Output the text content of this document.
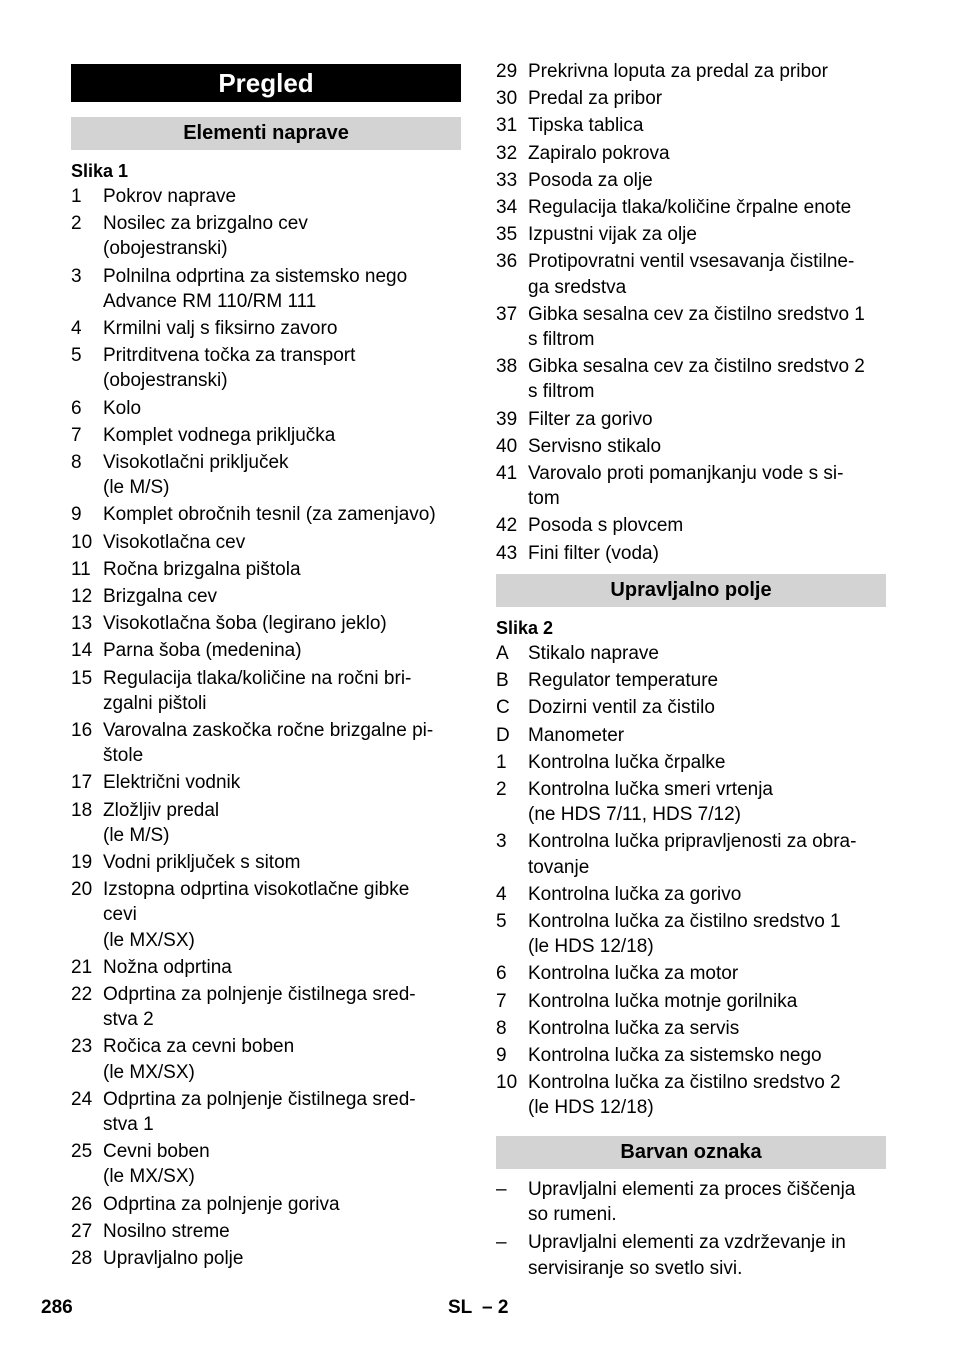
Pregled
Elementi naprave
Slika 1
1 Pokrov naprave
2 Nosilec za brizgalno cev
(obojestranski)
3 Polnilna odprtina za sistemsko nego
Advance RM 110/RM 111
4 Krmilni valj s fiksirno zavoro
5 Pritrditvena točka za transport
(obojestranski)
6 Kolo
7 Komplet vodnega priključka
8 Visokotlačni priključek
(le M/S)
9 Komplet obročnih tesnil (za zamenjavo)
10 Visokotlačna cev
11 Ročna brizgalna pištola
12 Brizgalna cev
13 Visokotlačna šoba (legirano jeklo)
14 Parna šoba (medenina)
15 Regulacija tlaka/količine na ročni bri-
zgalni pištoli
16 Varovalna zaskočka ročne brizgalne pi-
štole
17 Električni vodnik
18 Zložljiv predal
(le M/S)
19 Vodni priključek s sitom
20 Izstopna odprtina visokotlačne gibke
cevi
(le MX/SX)
21 Nožna odprtina
22 Odprtina za polnjenje čistilnega sred-
stva 2
23 Ročica za cevni boben
(le MX/SX)
24 Odprtina za polnjenje čistilnega sred-
stva 1
25 Cevni boben
(le MX/SX)
26 Odprtina za polnjenje goriva
27 Nosilno streme
28 Upravljalno polje
29 Prekrivna loputa za predal za pribor
30 Predal za pribor
31 Tipska tablica
32 Zapiralo pokrova
33 Posoda za olje
34 Regulacija tlaka/količine črpalne enote
35 Izpustni vijak za olje
36 Protipovratni ventil vsesavanja čistilne-
ga sredstva
37 Gibka sesalna cev za čistilno sredstvo 1
s filtrom
38 Gibka sesalna cev za čistilno sredstvo 2
s filtrom
39 Filter za gorivo
40 Servisno stikalo
41 Varovalo proti pomanjkanju vode s si-
tom
42 Posoda s plovcem
43 Fini filter (voda)
Upravljalno polje
Slika 2
A Stikalo naprave
B Regulator temperature
C Dozirni ventil za čistilo
D Manometer
1 Kontrolna lučka črpalke
2 Kontrolna lučka smeri vrtenja
(ne HDS 7/11, HDS 7/12)
3 Kontrolna lučka pripravljenosti za obra-
tovanje
4 Kontrolna lučka za gorivo
5 Kontrolna lučka za čistilno sredstvo 1
(le HDS 12/18)
6 Kontrolna lučka za motor
7 Kontrolna lučka motnje gorilnika
8 Kontrolna lučka za servis
9 Kontrolna lučka za sistemsko nego
10 Kontrolna lučka za čistilno sredstvo 2
(le HDS 12/18)
Barvan oznaka
– Upravljalni elementi za proces čiščenja
so rumeni.
– Upravljalni elementi za vzdrževanje in
servisiranje so svetlo sivi.
286	SL – 2
